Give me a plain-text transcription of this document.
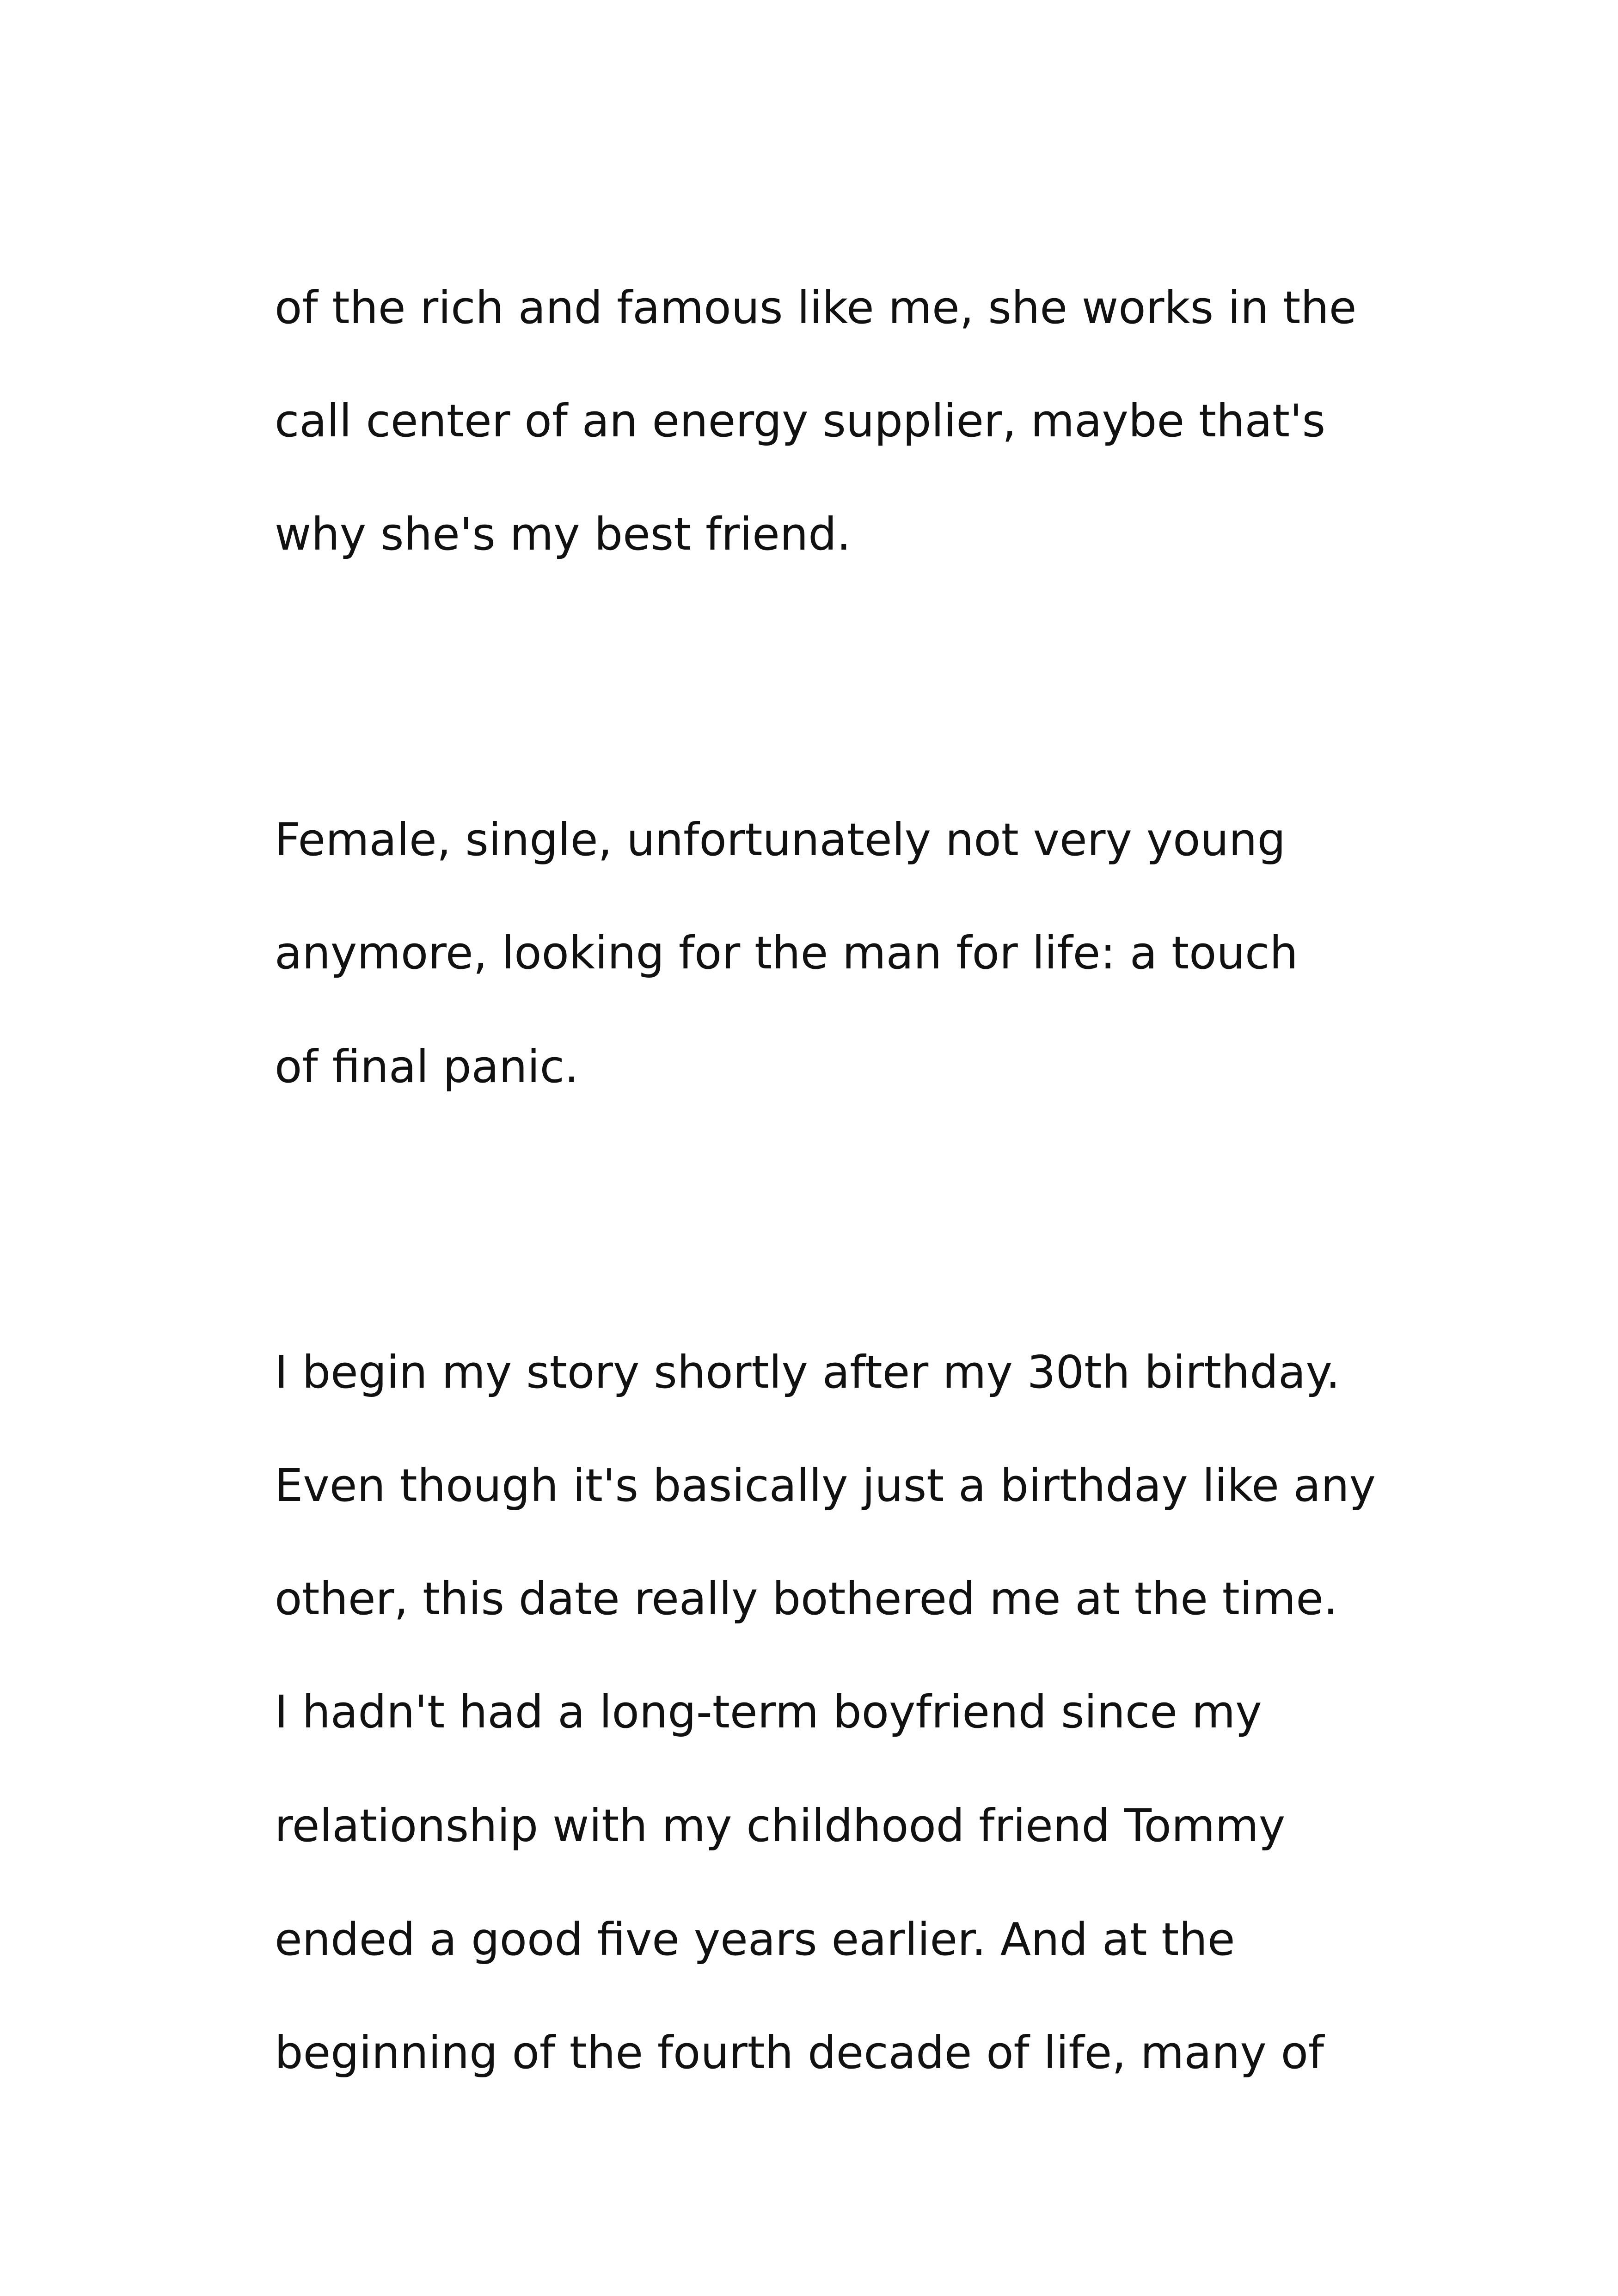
of the rich and famous like me, she works in the

call center of an energy supplier, maybe that's

why she's my best friend.

Female, single, unfortunately not very young

anymore, looking for the man for life: a touch

of final panic.

I begin my story shortly after my 30th birthday.

Even though it's basically just a birthday like any

other, this date really bothered me at the time.

I hadn't had a long-term boyfriend since my

relationship with my childhood friend Tommy

ended a good five years earlier. And at the

beginning of the fourth decade of life, many of
